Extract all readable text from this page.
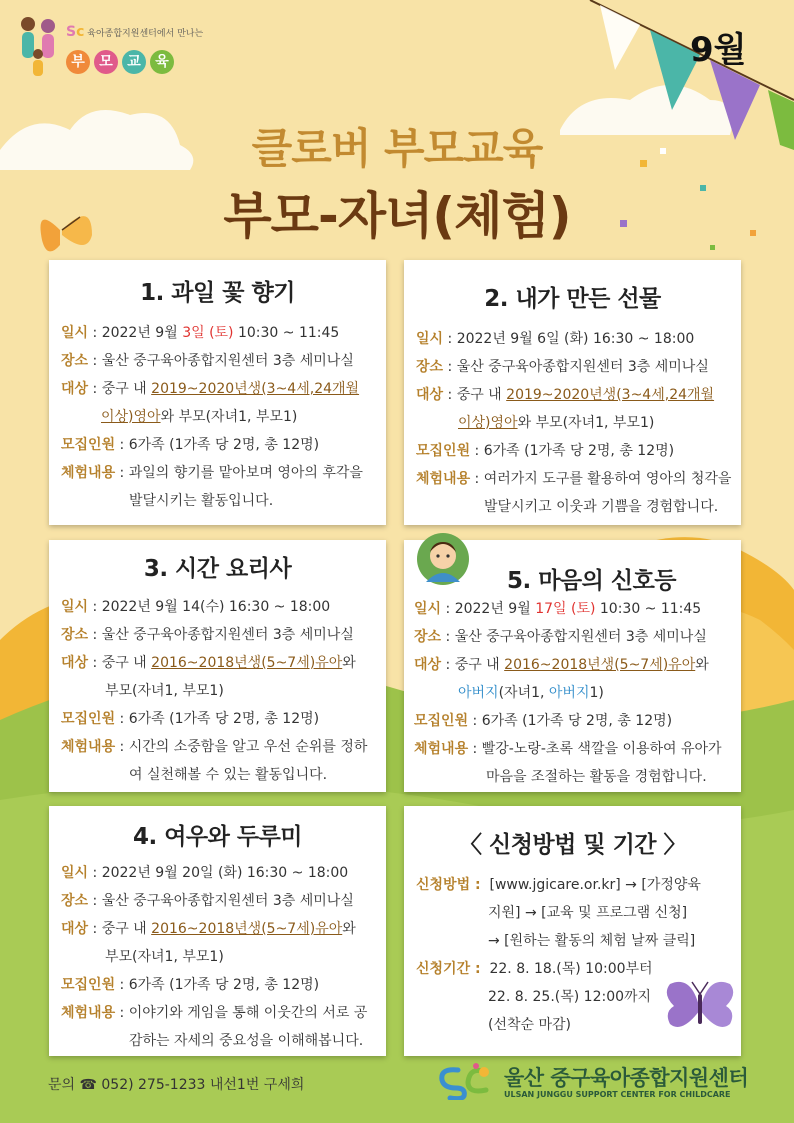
Sc 육아종합지원센터에서 만나는
부	모	교	육	9월
클로버 부모교육
부모-자녀(체험)
1. 과일 꽃 향기
일시 : 2022년 9월 3일 (토) 10:30 ~ 11:45
장소 : 울산 중구육아종합지원센터 3층 세미나실
대상 : 중구 내 2019~2020년생(3~4세,24개월
이상)영아와 부모(자녀1, 부모1)
모집인원 : 6가족 (1가족 당 2명, 총 12명)
체험내용 : 과일의 향기를 맡아보며 영아의 후각을
발달시키는 활동입니다.
2. 내가 만든 선물
일시 : 2022년 9월 6일 (화) 16:30 ~ 18:00
장소 : 울산 중구육아종합지원센터 3층 세미나실
대상 : 중구 내 2019~2020년생(3~4세,24개월
이상)영아와 부모(자녀1, 부모1)
모집인원 : 6가족 (1가족 당 2명, 총 12명)
체험내용 : 여러가지 도구를 활용하여 영아의 청각을
발달시키고 이웃과 기쁨을 경험합니다.
3. 시간 요리사
일시 : 2022년 9월 14(수) 16:30 ~ 18:00
장소 : 울산 중구육아종합지원센터 3층 세미나실
대상 : 중구 내 2016~2018년생(5~7세)유아와
부모(자녀1, 부모1)
모집인원 : 6가족 (1가족 당 2명, 총 12명)
체험내용 : 시간의 소중함을 알고 우선 순위를 정하
여 실천해볼 수 있는 활동입니다.
5. 마음의 신호등
일시 : 2022년 9월 17일 (토) 10:30 ~ 11:45
장소 : 울산 중구육아종합지원센터 3층 세미나실
대상 : 중구 내 2016~2018년생(5~7세)유아와
아버지(자녀1, 아버지1)
모집인원 : 6가족 (1가족 당 2명, 총 12명)
체험내용 : 빨강-노랑-초록 색깔을 이용하여 유아가
마음을 조절하는 활동을 경험합니다.
4. 여우와 두루미
일시 : 2022년 9월 20일 (화) 16:30 ~ 18:00
장소 : 울산 중구육아종합지원센터 3층 세미나실
대상 : 중구 내 2016~2018년생(5~7세)유아와
부모(자녀1, 부모1)
모집인원 : 6가족 (1가족 당 2명, 총 12명)
체험내용 : 이야기와 게임을 통해 이웃간의 서로 공
감하는 자세의 중요성을 이해해봅니다.
〈 신청방법 및 기간 〉
신청방법 : [www.jgicare.or.kr] → [가정양육
지원] → [교육 및 프로그램 신청]
→ [원하는 활동의 체험 날짜 클릭]
신청기간 : 22. 8. 18.(목) 10:00부터
22. 8. 25.(목) 12:00까지
(선착순 마감)
문의 ☎ 052) 275-1233 내선1번 구세희	울산 중구육아종합지원센터
ULSAN JUNGGU SUPPORT CENTER FOR CHILDCARE
